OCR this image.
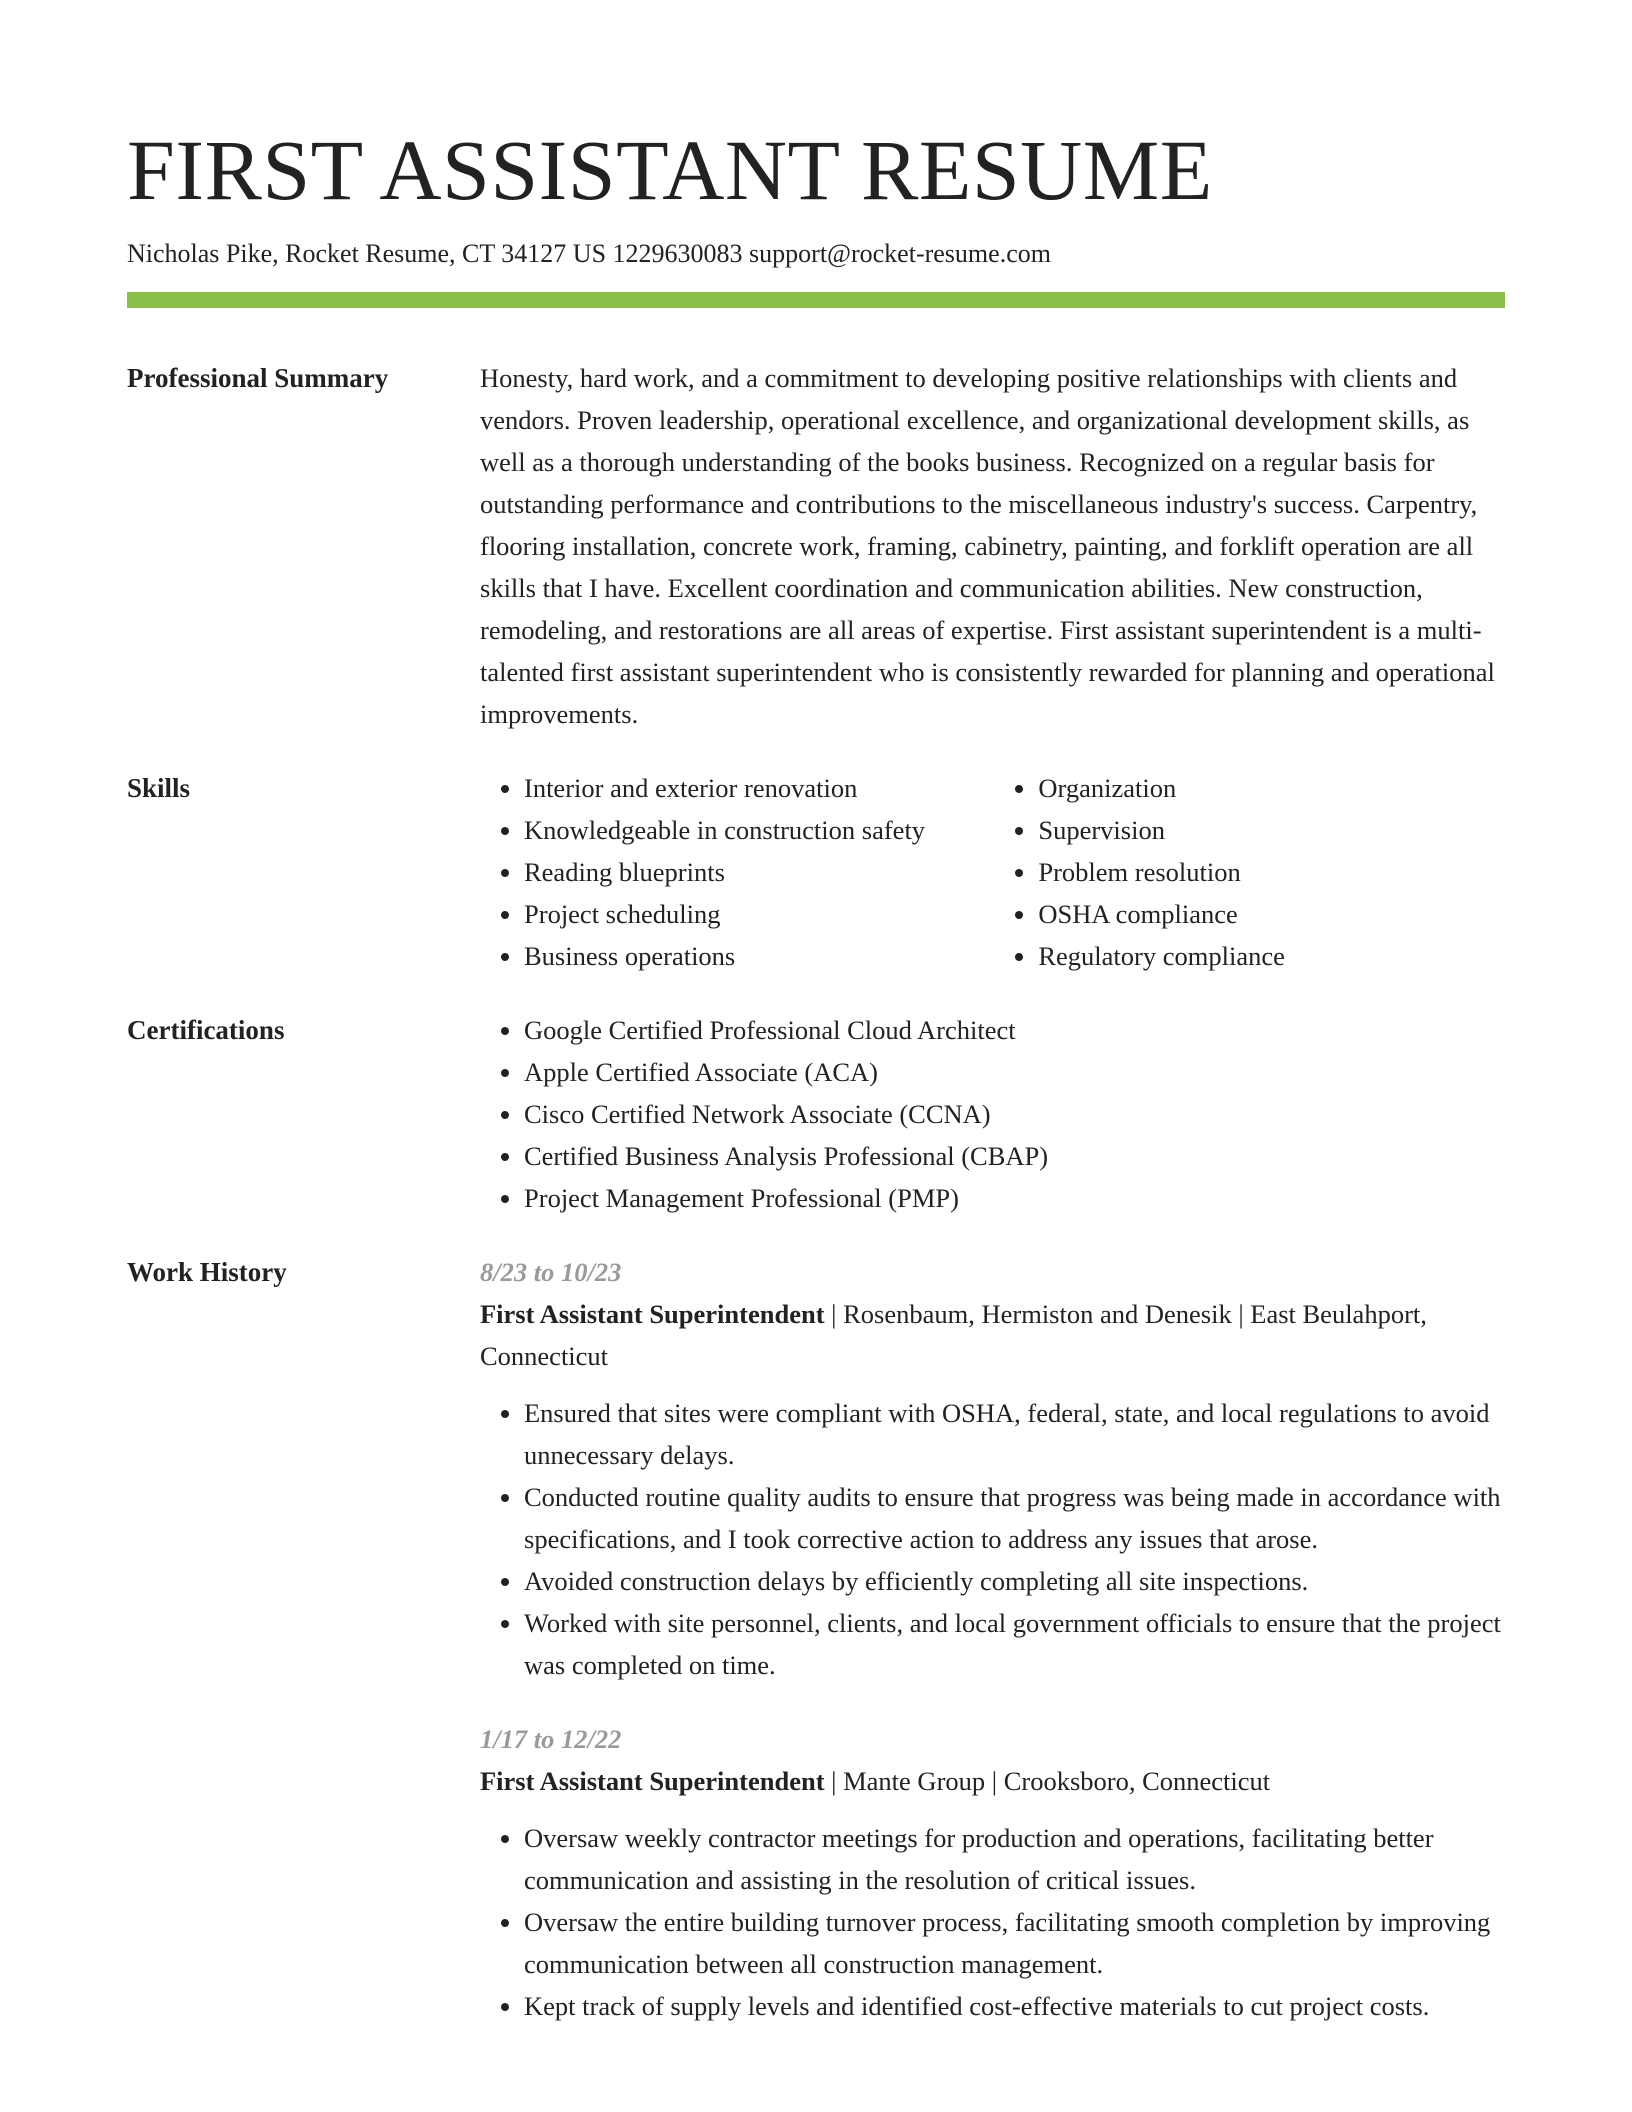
FIRST ASSISTANT RESUME
Nicholas Pike, Rocket Resume, CT 34127 US 1229630083 support@rocket-resume.com
Professional Summary	Honesty, hard work, and a commitment to developing positive relationships with clients and vendors. Proven leadership, operational excellence, and organizational development skills, as well as a thorough understanding of the books business. Recognized on a regular basis for outstanding performance and contributions to the miscellaneous industry's success. Carpentry, flooring installation, concrete work, framing, cabinetry, painting, and forklift operation are all skills that I have. Excellent coordination and communication abilities. New construction, remodeling, and restorations are all areas of expertise. First assistant superintendent is a multi-talented first assistant superintendent who is consistently rewarded for planning and operational improvements.
Skills	• Interior and exterior renovation
• Knowledgeable in construction safety
• Reading blueprints
• Project scheduling
• Business operations
• Organization
• Supervision
• Problem resolution
• OSHA compliance
• Regulatory compliance
Certifications	• Google Certified Professional Cloud Architect
• Apple Certified Associate (ACA)
• Cisco Certified Network Associate (CCNA)
• Certified Business Analysis Professional (CBAP)
• Project Management Professional (PMP)
Work History	8/23 to 10/23
First Assistant Superintendent | Rosenbaum, Hermiston and Denesik | East Beulahport, Connecticut
• Ensured that sites were compliant with OSHA, federal, state, and local regulations to avoid unnecessary delays.
• Conducted routine quality audits to ensure that progress was being made in accordance with specifications, and I took corrective action to address any issues that arose.
• Avoided construction delays by efficiently completing all site inspections.
• Worked with site personnel, clients, and local government officials to ensure that the project was completed on time.
1/17 to 12/22
First Assistant Superintendent | Mante Group | Crooksboro, Connecticut
• Oversaw weekly contractor meetings for production and operations, facilitating better communication and assisting in the resolution of critical issues.
• Oversaw the entire building turnover process, facilitating smooth completion by improving communication between all construction management.
• Kept track of supply levels and identified cost-effective materials to cut project costs.
